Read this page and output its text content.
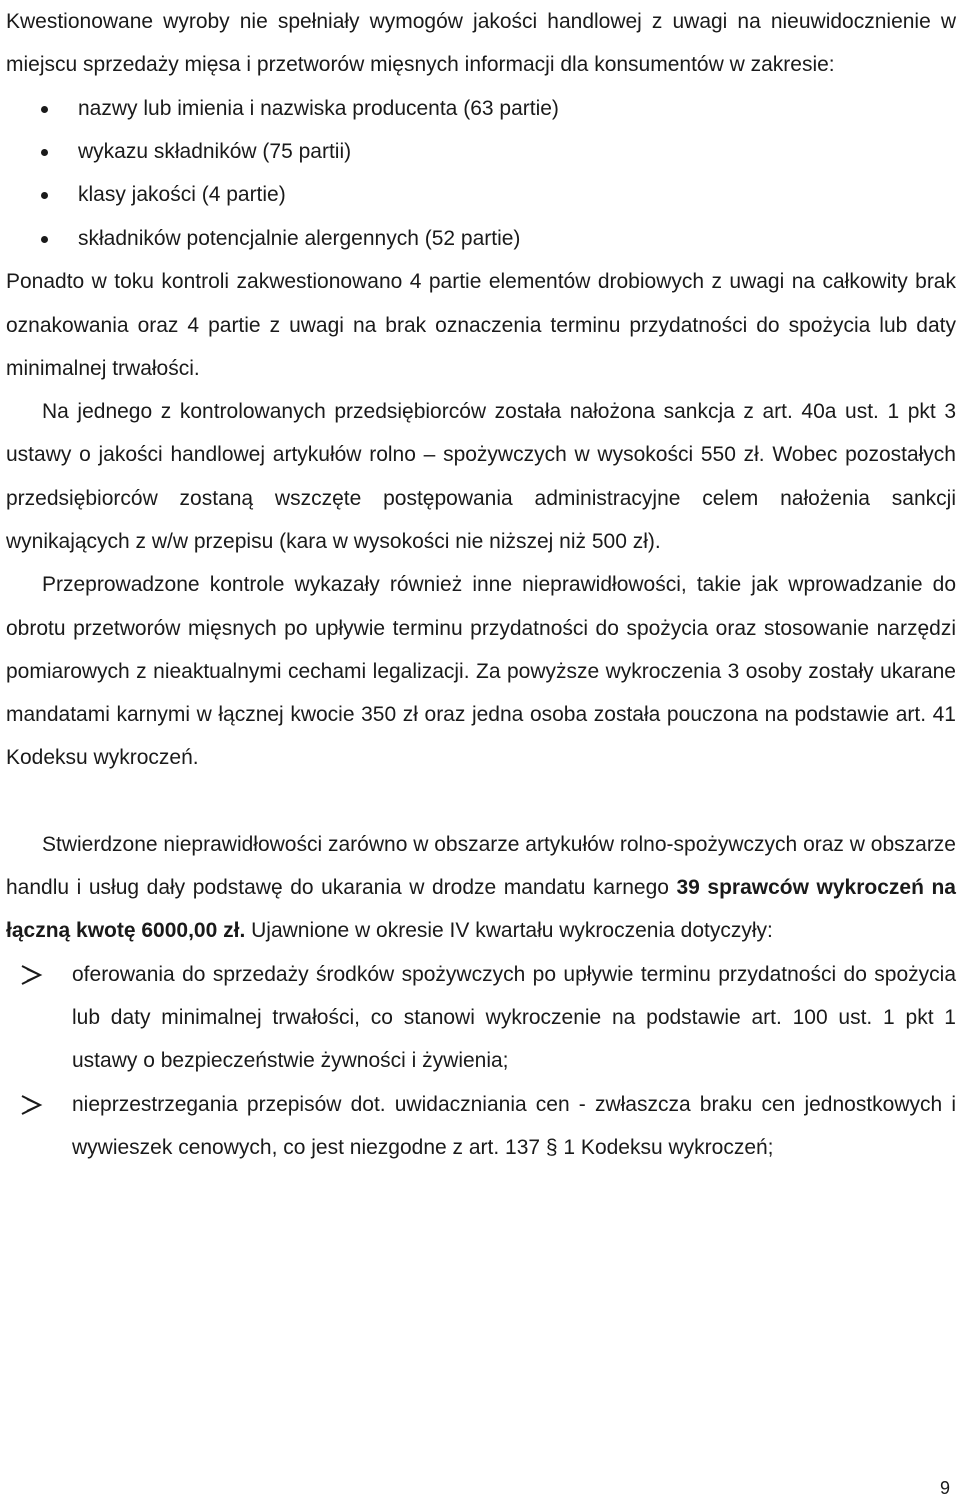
Kwestionowane wyroby nie spełniały wymogów jakości handlowej z uwagi na nieuwidocznienie w miejscu sprzedaży mięsa i przetworów mięsnych informacji dla konsumentów w zakresie:

nazwy lub imienia i nazwiska producenta (63 partie)
wykazu składników (75 partii)
klasy jakości (4 partie)
składników potencjalnie alergennych (52 partie)

Ponadto w toku kontroli zakwestionowano 4 partie elementów drobiowych z uwagi na całkowity brak oznakowania oraz 4 partie z uwagi na brak oznaczenia terminu przydatności do spożycia lub daty minimalnej trwałości.

Na jednego z kontrolowanych przedsiębiorców została nałożona sankcja z art. 40a ust. 1 pkt 3 ustawy o jakości handlowej artykułów rolno – spożywczych w wysokości 550 zł. Wobec pozostałych przedsiębiorców zostaną wszczęte postępowania administracyjne celem nałożenia sankcji wynikających z w/w przepisu (kara w wysokości nie niższej niż 500 zł).

Przeprowadzone kontrole wykazały również inne nieprawidłowości, takie jak wprowadzanie do obrotu przetworów mięsnych po upływie terminu przydatności do spożycia oraz stosowanie narzędzi pomiarowych z nieaktualnymi cechami legalizacji. Za powyższe wykroczenia 3 osoby zostały ukarane mandatami karnymi w łącznej kwocie 350 zł oraz jedna osoba została pouczona na podstawie art. 41 Kodeksu wykroczeń.

Stwierdzone nieprawidłowości zarówno w obszarze artykułów rolno-spożywczych oraz w obszarze handlu i usług dały podstawę do ukarania w drodze mandatu karnego 39 sprawców wykroczeń na łączną kwotę 6000,00 zł. Ujawnione w okresie IV kwartału wykroczenia dotyczyły:

oferowania do sprzedaży środków spożywczych po upływie terminu przydatności do spożycia lub daty minimalnej trwałości, co stanowi wykroczenie na podstawie art. 100 ust. 1 pkt 1 ustawy o bezpieczeństwie żywności i żywienia;
nieprzestrzegania przepisów dot. uwidaczniania cen - zwłaszcza braku cen jednostkowych i wywieszek cenowych, co jest niezgodne z art. 137 § 1 Kodeksu wykroczeń;
9
